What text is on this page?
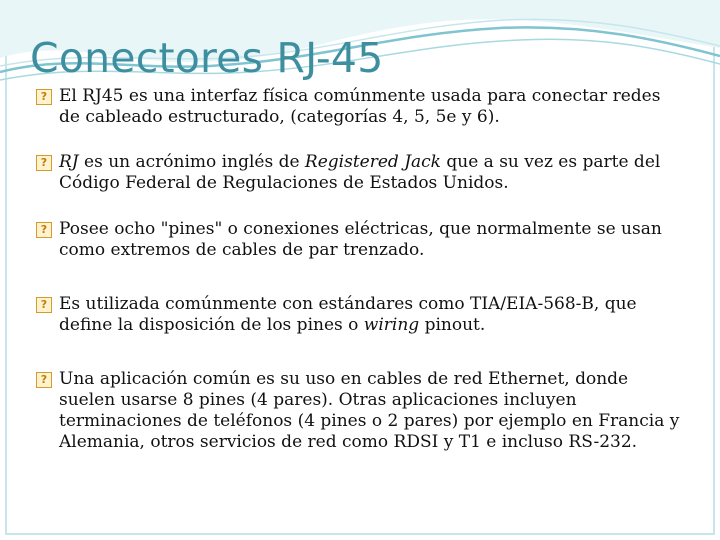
Conectores RJ-45
? El RJ45 es una interfaz física comúnmente usada para conectar redes de cableado estructurado, (categorías 4, 5, 5e y 6).
? RJ es un acrónimo inglés de Registered Jack que a su vez es parte del Código Federal de Regulaciones de Estados Unidos.
? Posee ocho "pines" o conexiones eléctricas, que normalmente se usan como extremos de cables de par trenzado.
? Es utilizada comúnmente con estándares como TIA/EIA-568-B, que define la disposición de los pines o wiring pinout.
? Una aplicación común es su uso en cables de red Ethernet, donde suelen usarse 8 pines (4 pares). Otras aplicaciones incluyen terminaciones de teléfonos (4 pines o 2 pares) por ejemplo en Francia y Alemania, otros servicios de red como RDSI y T1 e incluso RS-232.
